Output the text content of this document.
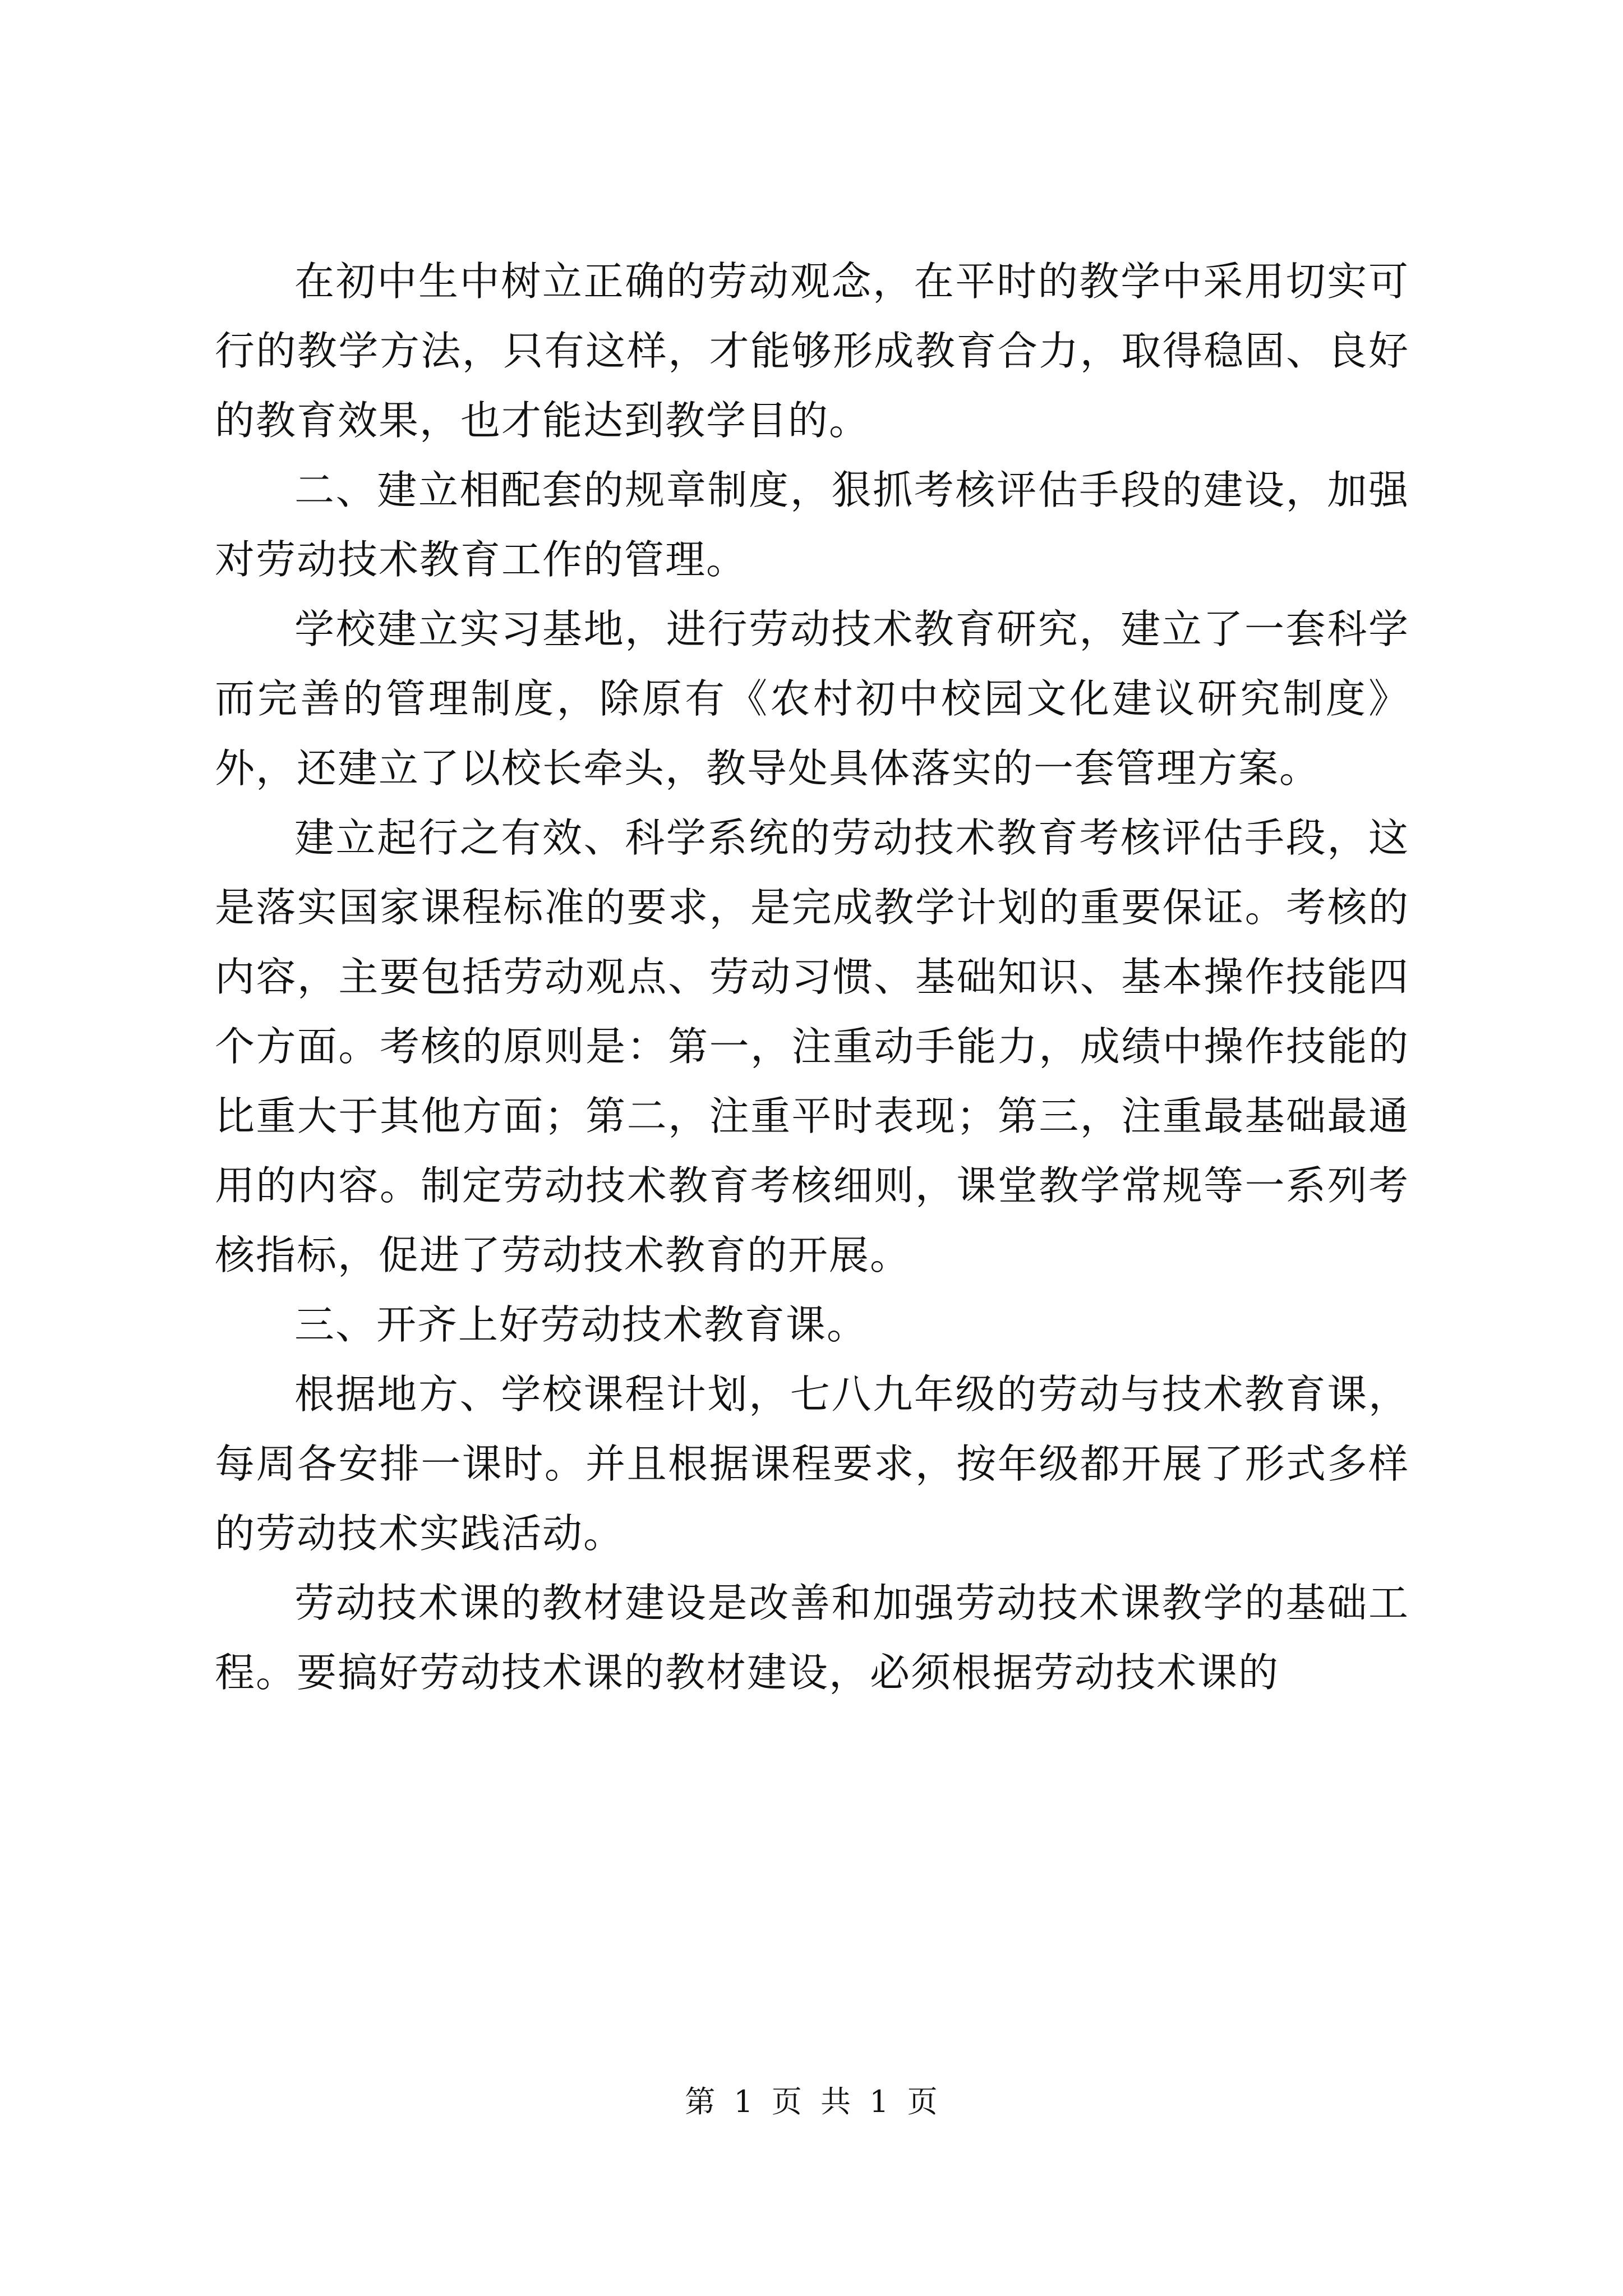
在初中生中树立正确的劳动观念，在平时的教学中采用切实可行的教学方法，只有这样，才能够形成教育合力，取得稳固、良好的教育效果，也才能达到教学目的。

二、建立相配套的规章制度，狠抓考核评估手段的建设，加强对劳动技术教育工作的管理。

学校建立实习基地，进行劳动技术教育研究，建立了一套科学而完善的管理制度，除原有《农村初中校园文化建议研究制度》外，还建立了以校长牵头，教导处具体落实的一套管理方案。

建立起行之有效、科学系统的劳动技术教育考核评估手段，这是落实国家课程标准的要求，是完成教学计划的重要保证。考核的内容，主要包括劳动观点、劳动习惯、基础知识、基本操作技能四个方面。考核的原则是：第一，注重动手能力，成绩中操作技能的比重大于其他方面；第二，注重平时表现；第三，注重最基础最通用的内容。制定劳动技术教育考核细则，课堂教学常规等一系列考核指标，促进了劳动技术教育的开展。

三、开齐上好劳动技术教育课。

根据地方、学校课程计划，七八九年级的劳动与技术教育课，每周各安排一课时。并且根据课程要求，按年级都开展了形式多样的劳动技术实践活动。

劳动技术课的教材建设是改善和加强劳动技术课教学的基础工程。要搞好劳动技术课的教材建设，必须根据劳动技术课的

第 1 页 共 1 页
